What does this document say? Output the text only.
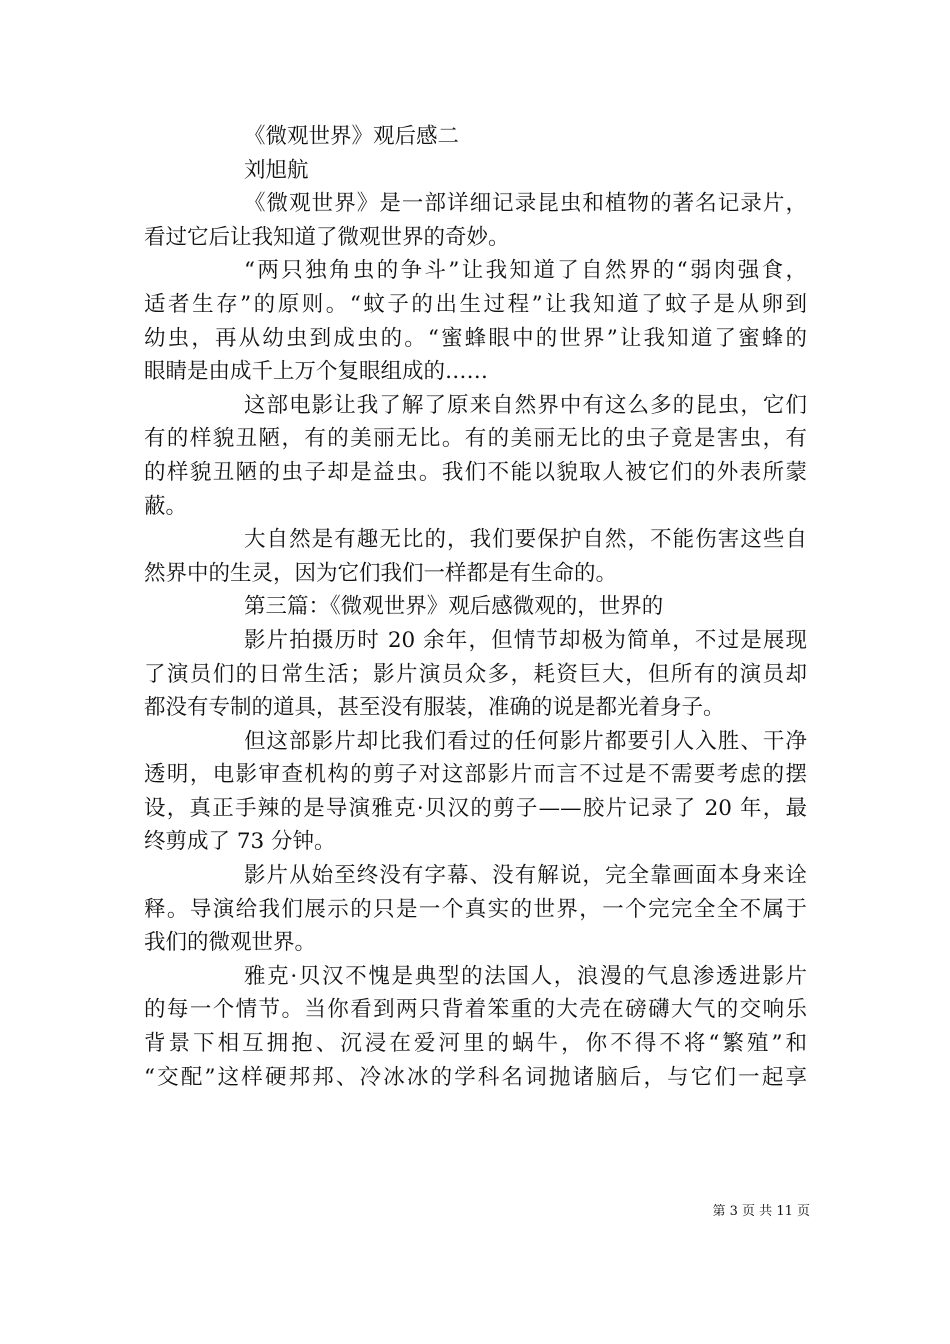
《微观世界》观后感二
刘旭航
《微观世界》是一部详细记录昆虫和植物的著名记录片，
看过它后让我知道了微观世界的奇妙。
“两只独角虫的争斗”让我知道了自然界的“弱肉强食，
适者生存”的原则。“蚊子的出生过程”让我知道了蚊子是从卵到
幼虫，再从幼虫到成虫的。“蜜蜂眼中的世界”让我知道了蜜蜂的
眼睛是由成千上万个复眼组成的……
这部电影让我了解了原来自然界中有这么多的昆虫，它们
有的样貌丑陋，有的美丽无比。有的美丽无比的虫子竟是害虫，有
的样貌丑陋的虫子却是益虫。我们不能以貌取人被它们的外表所蒙
蔽。
大自然是有趣无比的，我们要保护自然，不能伤害这些自
然界中的生灵，因为它们我们一样都是有生命的。
第三篇：《微观世界》观后感微观的，世界的
影片拍摄历时 20 余年，但情节却极为简单，不过是展现
了演员们的日常生活；影片演员众多，耗资巨大，但所有的演员却
都没有专制的道具，甚至没有服装，准确的说是都光着身子。
但这部影片却比我们看过的任何影片都要引人入胜、干净
透明，电影审查机构的剪子对这部影片而言不过是不需要考虑的摆
设，真正手辣的是导演雅克·贝汉的剪子——胶片记录了 20 年，最
终剪成了 73 分钟。
影片从始至终没有字幕、没有解说，完全靠画面本身来诠
释。导演给我们展示的只是一个真实的世界，一个完完全全不属于
我们的微观世界。
雅克·贝汉不愧是典型的法国人，浪漫的气息渗透进影片
的每一个情节。当你看到两只背着笨重的大壳在磅礴大气的交响乐
背景下相互拥抱、沉浸在爱河里的蜗牛，你不得不将“繁殖”和
“交配”这样硬邦邦、冷冰冰的学科名词抛诸脑后，与它们一起享
第 3 页 共 11 页
